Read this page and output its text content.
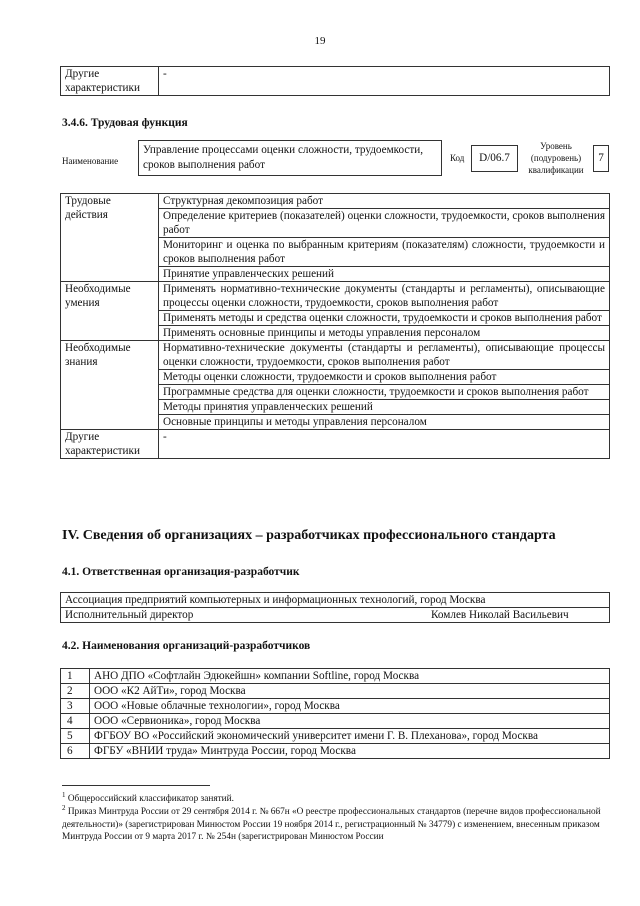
19
Другие характеристики	-
3.4.6. Трудовая функция
Наименование
Управление процессами оценки сложности, трудоемкости, сроков выполнения работ
Код	D/06.7
Уровень (подуровень) квалификации
7
Трудовые действия	Структурная декомпозиция работ
	Определение критериев (показателей) оценки сложности, трудоемкости, сроков выполнения работ
	Мониторинг и оценка по выбранным критериям (показателям) сложности, трудоемкости и сроков выполнения работ
	Принятие управленческих решений
Необходимые умения	Применять нормативно-технические документы (стандарты и регламенты), описывающие процессы оценки сложности, трудоемкости, сроков выполнения работ
	Применять методы и средства оценки сложности, трудоемкости и сроков выполнения работ
	Применять основные принципы и методы управления персоналом
Необходимые знания	Нормативно-технические документы (стандарты и регламенты), описывающие процессы оценки сложности, трудоемкости, сроков выполнения работ
	Методы оценки сложности, трудоемкости и сроков выполнения работ
	Программные средства для оценки сложности, трудоемкости и сроков выполнения работ
	Методы принятия управленческих решений
	Основные принципы и методы управления персоналом
Другие характеристики	-
IV. Сведения об организациях – разработчиках профессионального стандарта
4.1. Ответственная организация-разработчик
Ассоциация предприятий компьютерных и информационных технологий, город Москва
Исполнительный директор	Комлев Николай Васильевич
4.2. Наименования организаций-разработчиков
1	АНО ДПО «Софтлайн Эдюкейшн» компании Softline, город Москва
2	ООО «К2 АйТи», город Москва
3	ООО «Новые облачные технологии», город Москва
4	ООО «Сервионика», город Москва
5	ФГБОУ ВО «Российский экономический университет имени Г. В. Плеханова», город Москва
6	ФГБУ «ВНИИ труда» Минтруда России, город Москва
$^1$ Общероссийский классификатор занятий.
$^2$ Приказ Минтруда России от 29 сентября 2014 г. № 667н «О реестре профессиональных стандартов (перечне видов профессиональной деятельности)» (зарегистрирован Минюстом России 19 ноября 2014 г., регистрационный № 34779) с изменением, внесенным приказом Минтруда России от 9 марта 2017 г. № 254н (зарегистрирован Минюстом России
